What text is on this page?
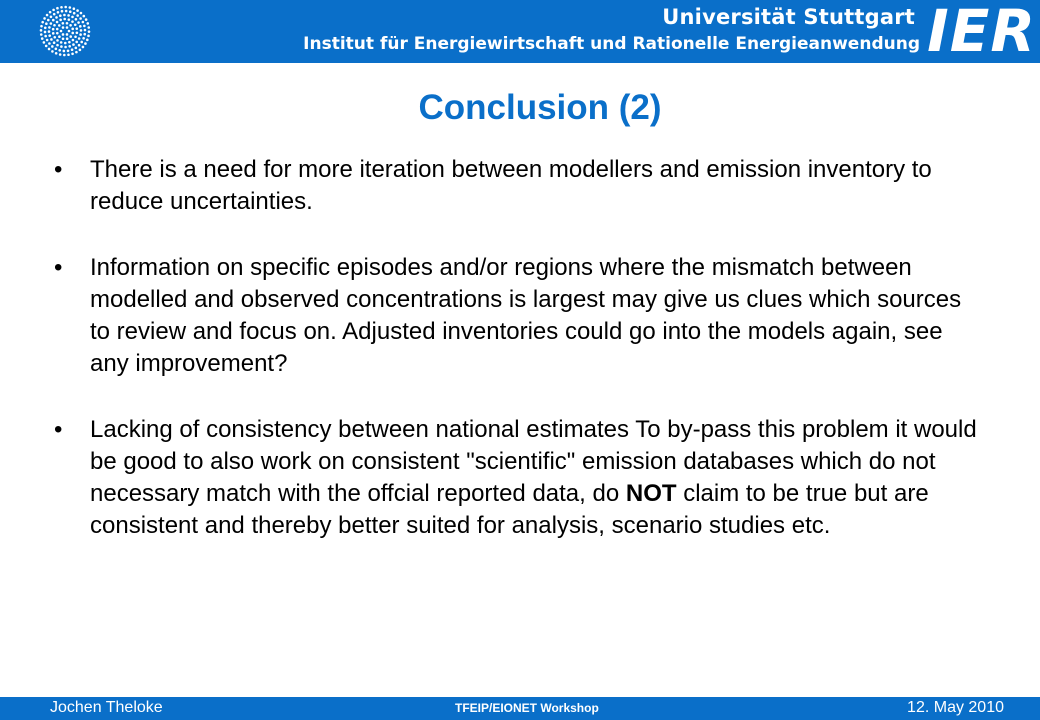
Universität Stuttgart
Institut für Energiewirtschaft und Rationelle Energieanwendung IER
Conclusion (2)
•	There is a need for more iteration between modellers and emission inventory to reduce uncertainties.
•	Information on specific episodes and/or regions where the mismatch between modelled and observed concentrations is largest may give us clues which sources to review and focus on. Adjusted inventories could go into the models again, see any improvement?
•	Lacking of consistency between national estimates To by-pass this problem it would be good to also work on consistent "scientific" emission databases which do not necessary match with the offcial reported data, do NOT claim to be true but are consistent and thereby better suited for analysis, scenario studies etc.
Jochen Theloke	TFEIP/EIONET Workshop	12. May 2010
